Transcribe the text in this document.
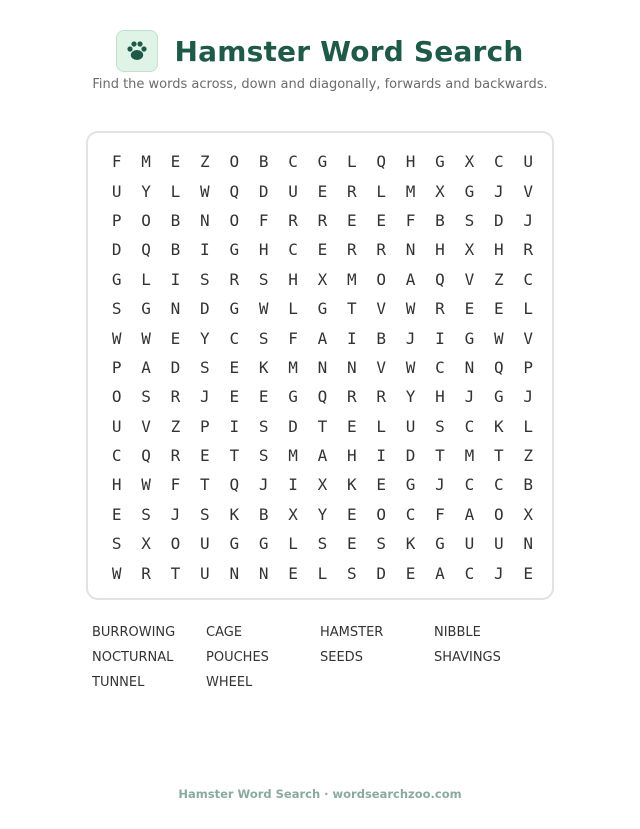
Hamster Word Search
Find the words across, down and diagonally, forwards and backwards.
F	M	E	Z	O	B	C	G	L	Q	H	G	X	C	U
U	Y	L	W	Q	D	U	E	R	L	M	X	G	J	V
P	O	B	N	O	F	R	R	E	E	F	B	S	D	J
D	Q	B	I	G	H	C	E	R	R	N	H	X	H	R
G	L	I	S	R	S	H	X	M	O	A	Q	V	Z	C
S	G	N	D	G	W	L	G	T	V	W	R	E	E	L
W	W	E	Y	C	S	F	A	I	B	J	I	G	W	V
P	A	D	S	E	K	M	N	N	V	W	C	N	Q	P
O	S	R	J	E	E	G	Q	R	R	Y	H	J	G	J
U	V	Z	P	I	S	D	T	E	L	U	S	C	K	L
C	Q	R	E	T	S	M	A	H	I	D	T	M	T	Z
H	W	F	T	Q	J	I	X	K	E	G	J	C	C	B
E	S	J	S	K	B	X	Y	E	O	C	F	A	O	X
S	X	O	U	G	G	L	S	E	S	K	G	U	U	N
W	R	T	U	N	N	E	L	S	D	E	A	C	J	E
BURROWING	CAGE	HAMSTER	NIBBLE
NOCTURNAL	POUCHES	SEEDS	SHAVINGS
TUNNEL	WHEEL
Hamster Word Search · wordsearchzoo.com
